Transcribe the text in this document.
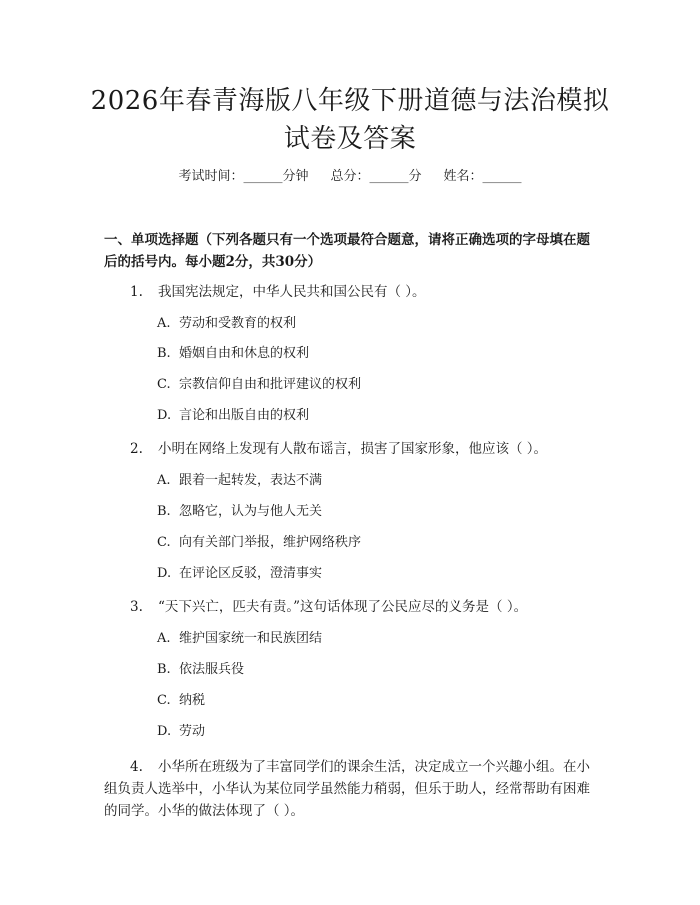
2026年春青海版八年级下册道德与法治模拟
试卷及答案
考试时间：______分钟 总分：______分 姓名：______
一、单项选择题（下列各题只有一个选项最符合题意，请将正确选项的字母填在题后的括号内。每小题2分，共30分）
1. 我国宪法规定，中华人民共和国公民有（ ）。
A. 劳动和受教育的权利
B. 婚姻自由和休息的权利
C. 宗教信仰自由和批评建议的权利
D. 言论和出版自由的权利
2. 小明在网络上发现有人散布谣言，损害了国家形象，他应该（ ）。
A. 跟着一起转发，表达不满
B. 忽略它，认为与他人无关
C. 向有关部门举报，维护网络秩序
D. 在评论区反驳，澄清事实
3. “天下兴亡，匹夫有责。”这句话体现了公民应尽的义务是（ ）。
A. 维护国家统一和民族团结
B. 依法服兵役
C. 纳税
D. 劳动
4. 小华所在班级为了丰富同学们的课余生活，决定成立一个兴趣小组。在小组负责人选举中，小华认为某位同学虽然能力稍弱，但乐于助人，经常帮助有困难的同学。小华的做法体现了（ ）。
